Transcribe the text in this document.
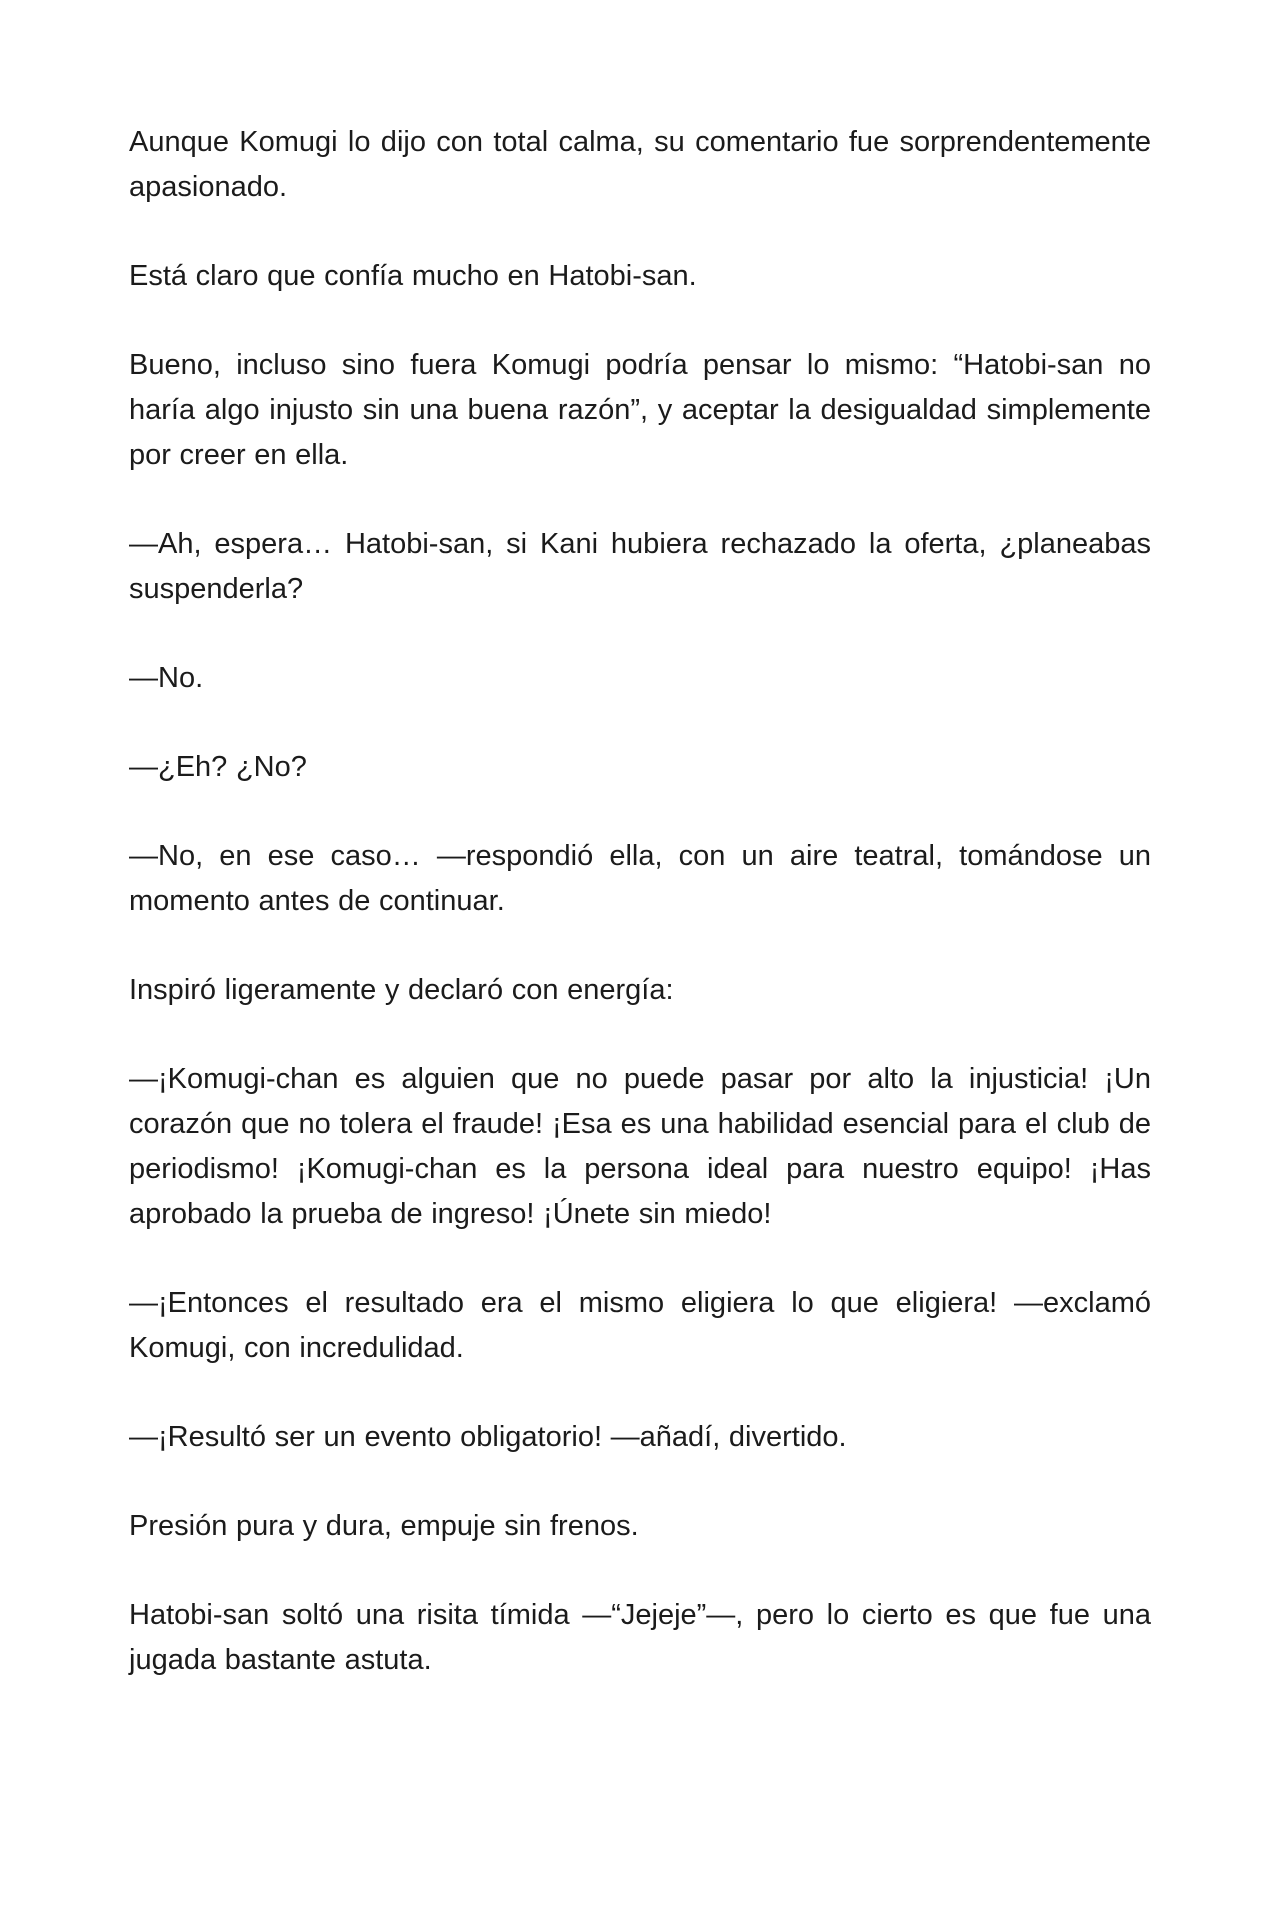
Aunque Komugi lo dijo con total calma, su comentario fue sorprendentemente apasionado.

Está claro que confía mucho en Hatobi-san.

Bueno, incluso sino fuera Komugi podría pensar lo mismo: “Hatobi-san no haría algo injusto sin una buena razón”, y aceptar la desigualdad simplemente por creer en ella.

—Ah, espera… Hatobi-san, si Kani hubiera rechazado la oferta, ¿planeabas suspenderla?

—No.

—¿Eh? ¿No?

—No, en ese caso… —respondió ella, con un aire teatral, tomándose un momento antes de continuar.

Inspiró ligeramente y declaró con energía:

—¡Komugi-chan es alguien que no puede pasar por alto la injusticia! ¡Un corazón que no tolera el fraude! ¡Esa es una habilidad esencial para el club de periodismo! ¡Komugi-chan es la persona ideal para nuestro equipo! ¡Has aprobado la prueba de ingreso! ¡Únete sin miedo!

—¡Entonces el resultado era el mismo eligiera lo que eligiera! —exclamó Komugi, con incredulidad.

—¡Resultó ser un evento obligatorio! —añadí, divertido.

Presión pura y dura, empuje sin frenos.

Hatobi-san soltó una risita tímida —“Jejeje”—, pero lo cierto es que fue una jugada bastante astuta.
